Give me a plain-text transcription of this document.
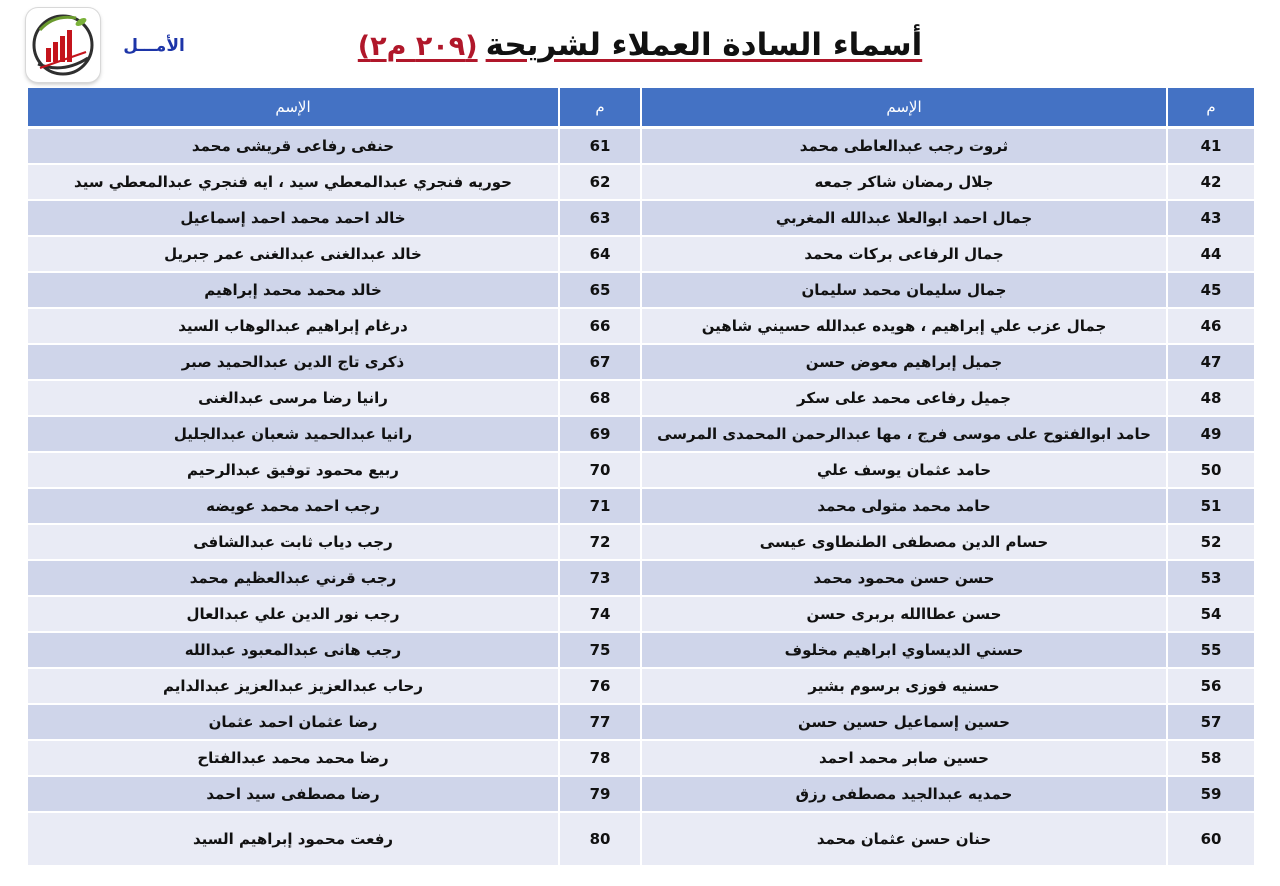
الأمـــل	أسماء السادة العملاء لشريحة(٢٠٩ م٢)
م	الإسم	م	الإسم
41	ثروت رجب عبدالعاطى محمد	61	حنفى رفاعى قريشى محمد
42	جلال رمضان شاكر جمعه	62	حوريه فنجري عبدالمعطي سيد ، ايه فنجري عبدالمعطي سيد
43	جمال احمد ابوالعلا عبدالله المغربي	63	خالد احمد محمد احمد إسماعيل
44	جمال الرفاعى بركات محمد	64	خالد عبدالغنى عبدالغنى عمر جبريل
45	جمال سليمان محمد سليمان	65	خالد محمد محمد إبراهيم
46	جمال عزب علي إبراهيم ، هويده عبدالله حسيني شاهين	66	درغام إبراهيم عبدالوهاب السيد
47	جميل إبراهيم معوض حسن	67	ذكرى تاج الدين عبدالحميد صبر
48	جميل رفاعى محمد على سكر	68	رانيا رضا مرسى عبدالغنى
49	حامد ابوالفتوح على موسى فرج ، مها عبدالرحمن المحمدى المرسى	69	رانيا عبدالحميد شعبان عبدالجليل
50	حامد عثمان يوسف علي	70	ربيع محمود توفيق عبدالرحيم
51	حامد محمد متولى محمد	71	رجب احمد محمد عويضه
52	حسام الدين مصطفى الطنطاوى عيسى	72	رجب دياب ثابت عبدالشافى
53	حسن حسن محمود محمد	73	رجب قرني عبدالعظيم محمد
54	حسن عطاالله بربرى حسن	74	رجب نور الدين علي عبدالعال
55	حسني الديساوي ابراهيم مخلوف	75	رجب هانى عبدالمعبود عبدالله
56	حسنيه فوزى برسوم بشير	76	رحاب عبدالعزيز عبدالعزيز عبدالدايم
57	حسين إسماعيل حسين حسن	77	رضا عثمان احمد عثمان
58	حسين صابر محمد احمد	78	رضا محمد محمد عبدالفتاح
59	حمديه عبدالجيد مصطفى رزق	79	رضا مصطفى سيد احمد
60	حنان حسن عثمان محمد	80	رفعت محمود إبراهيم السيد
